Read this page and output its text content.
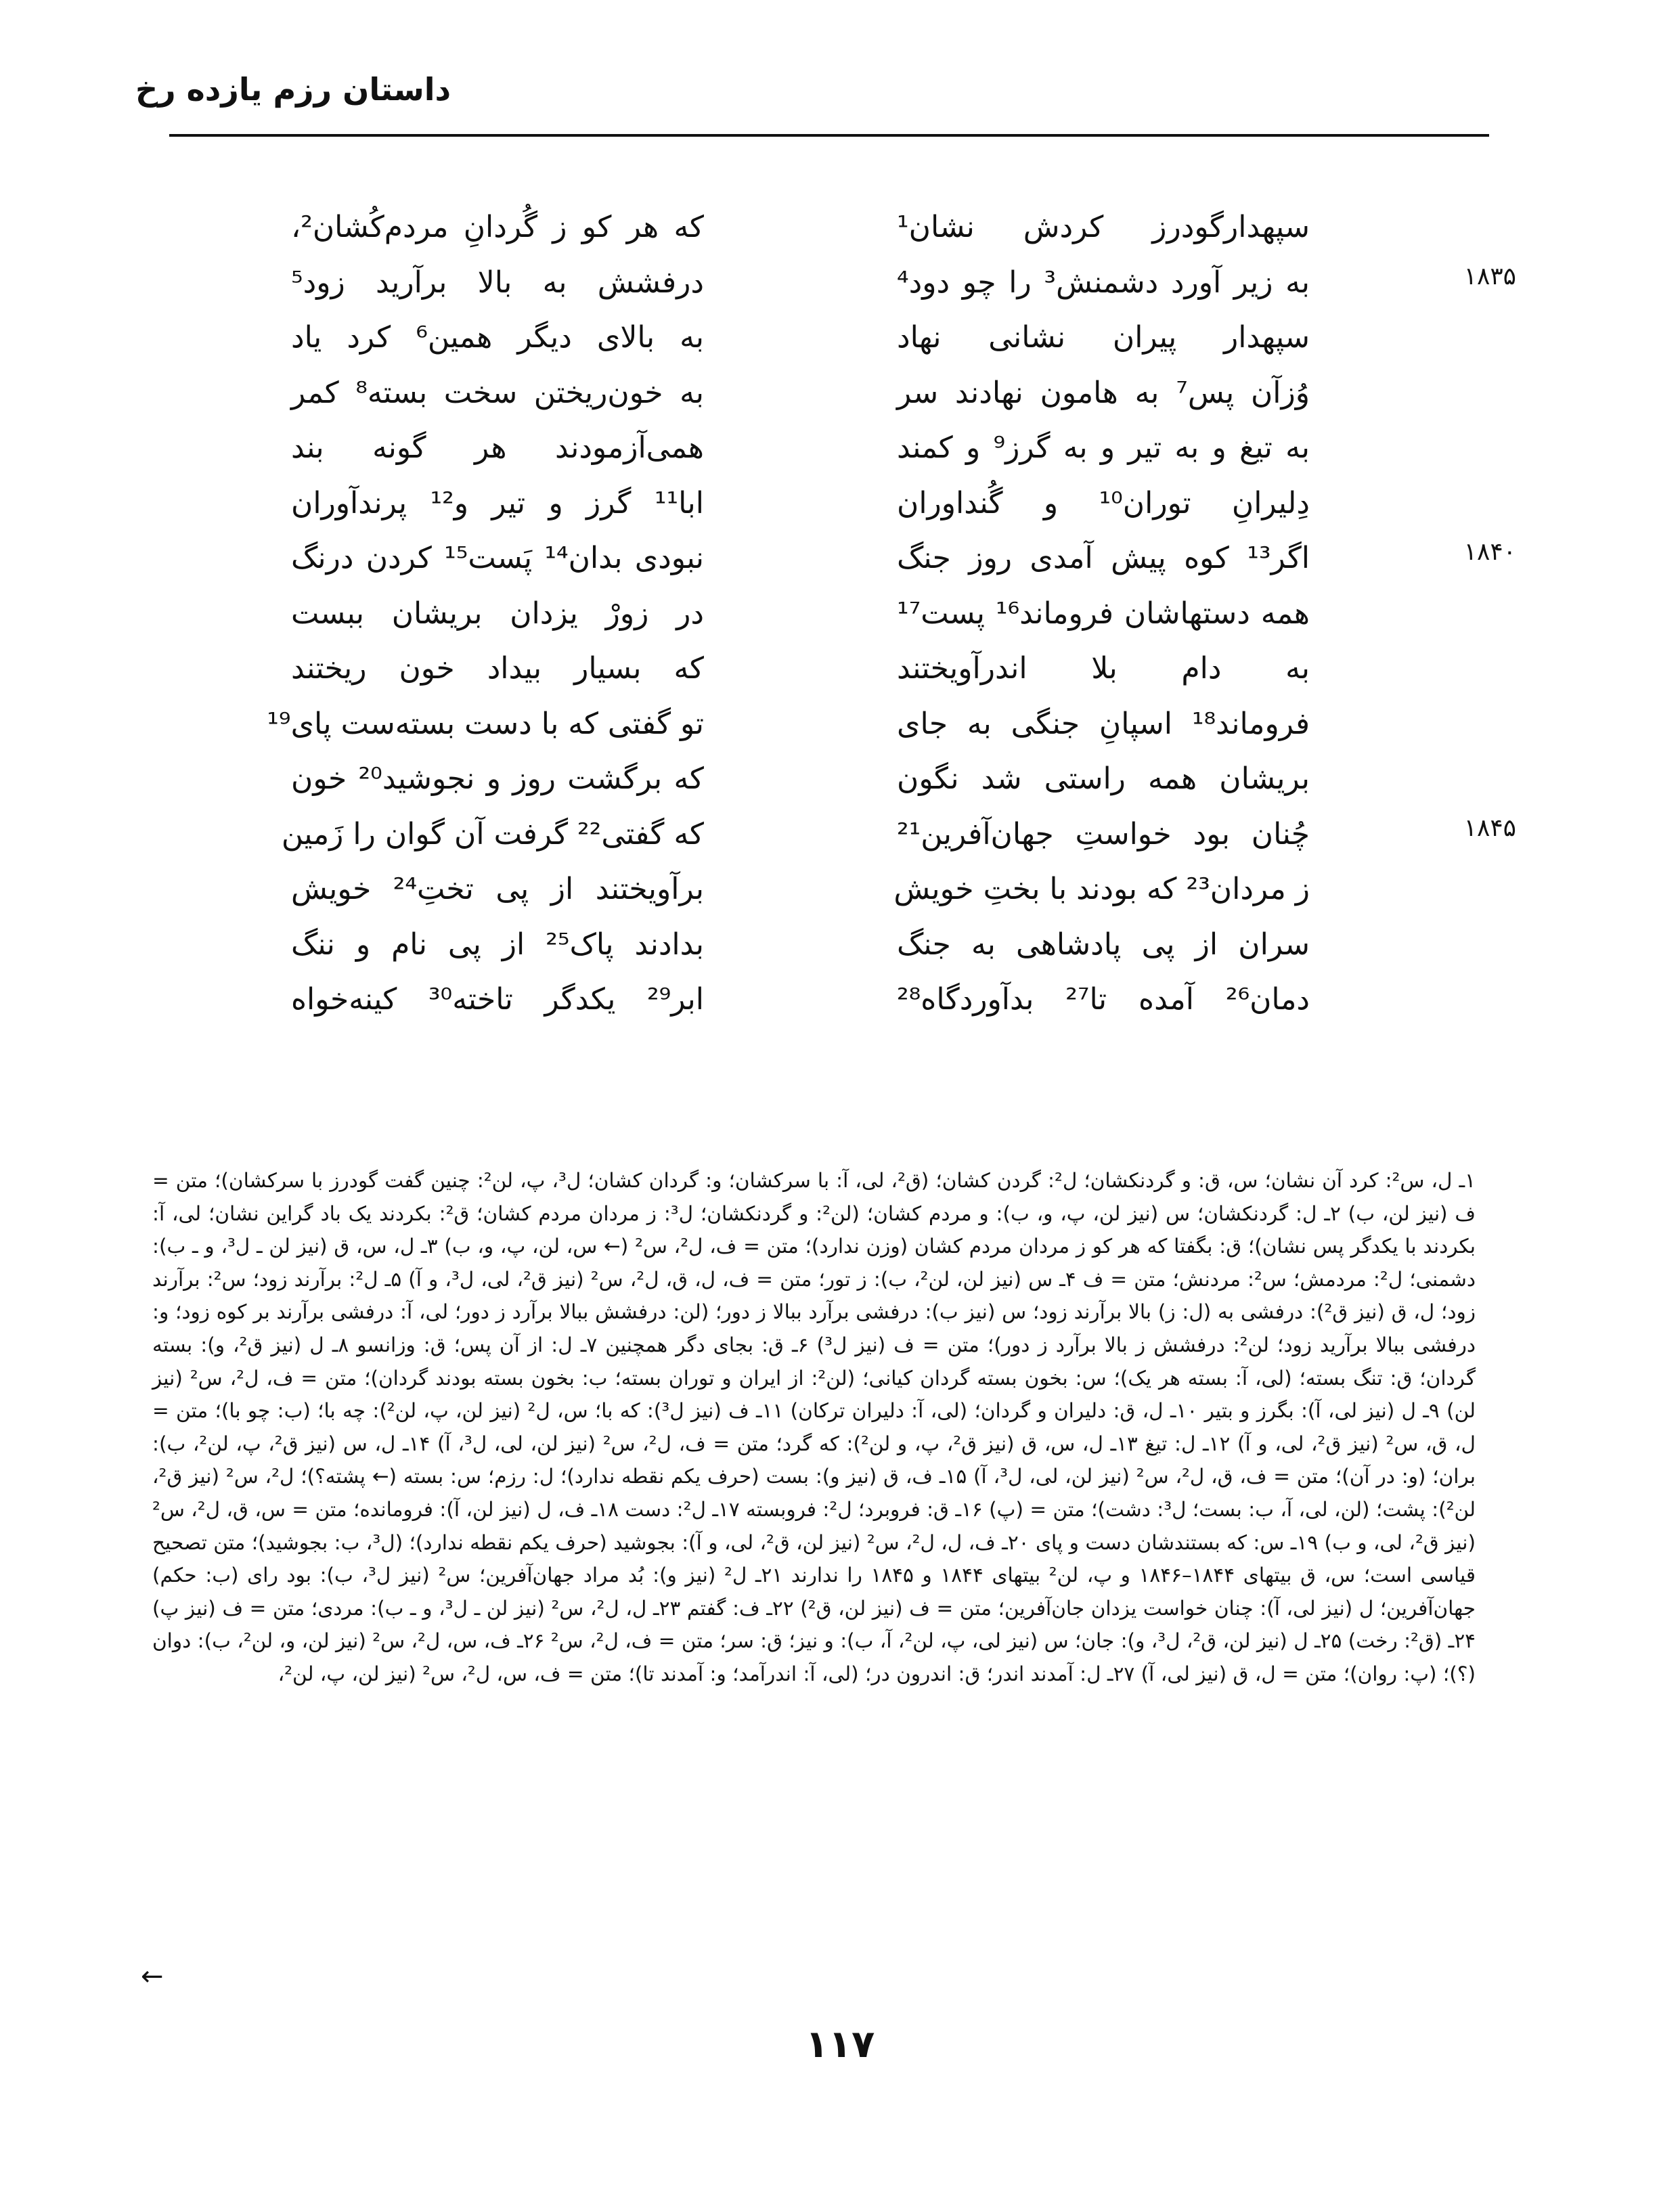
داستان رزم یازده رخ
سپهدارگودرز کردش نشان¹
که هر کو ز گُردانِ مردم‌کُشان²،
۱۸۳۵
به زیر آورد دشمنش³ را چو دود⁴
درفشش به بالا برآرید زود⁵
سپهدار پیران نشانی نهاد
به بالای دیگر همین⁶ کرد یاد
وُزآن پس⁷ به هامون نهادند سر
به خون‌ریختن سخت بسته⁸ کمر
به تیغ و به تیر و به گرز⁹ و کمند
همی‌آزمودند هر گونه بند
دِلیرانِ توران¹⁰ و گُنداوران
ابا¹¹ گرز و تیر و¹² پرندآوران
۱۸۴۰
اگر¹³ کوه پیش آمدی روز جنگ
نبودی بدان¹⁴ پَست¹⁵ کردن درنگ
همه دستهاشان فروماند¹⁶ پست¹⁷
در زورْ یزدان بریشان ببست
به دام بلا اندرآویختند
که بسیار بیداد خون ریختند
فروماند¹⁸ اسپانِ جنگی به جای
تو گفتی که با دست بسته‌ست پای¹⁹
بریشان همه راستی شد نگون
که برگشت روز و نجوشید²⁰ خون
۱۸۴۵
چُنان بود خواستِ جهان‌آفرین²¹
که گفتی²² گرفت آن گوان را زَمین
ز مردان²³ که بودند با بختِ خویش
برآویختند از پی تختِ²⁴ خویش
سران از پی پادشاهی به جنگ
بدادند پاک²⁵ از پی نام و ننگ
دمان²⁶ آمده تا²⁷ بدآوردگاه²⁸
ابر²⁹ یکدگر تاخته³⁰ کینه‌خواه
۱ـ ل، س²: کرد آن نشان؛ س، ق: و گردنکشان؛ ل²: گردن کشان؛ (ق²، لی، آ: با سرکشان؛ و: گردان کشان؛ ل³، پ، لن²: چنین گفت گودرز با سرکشان)؛ متن = ف (نیز لن، ب) ۲ـ ل: گردنکشان؛ س (نیز لن، پ، و، ب): و مردم کشان؛ (لن²: و گردنکشان؛ ل³: ز مردان مردم کشان؛ ق²: بکردند یک باد گراین نشان؛ لی، آ: بکردند با یکدگر پس نشان)؛ ق: بگفتا که هر کو ز مردان مردم کشان (وزن ندارد)؛ متن = ف، ل²، س² (← س، لن، پ، و، ب) ۳ـ ل، س، ق (نیز لن ـ ل³، و ـ ب): دشمنی؛ ل²: مردمش؛ س²: مردنش؛ متن = ف ۴ـ س (نیز لن، لن²، ب): ز تور؛ متن = ف، ل، ق، ل²، س² (نیز ق²، لی، ل³، و آ) ۵ـ ل²: برآرند زود؛ س²: برآرند زود؛ ل، ق (نیز ق²): درفشی به (ل: ز) بالا برآرند زود؛ س (نیز ب): درفشی برآرد ببالا ز دور؛ (لن: درفشش ببالا برآرد ز دور؛ لی، آ: درفشی برآرند بر کوه زود؛ و: درفشی ببالا برآرید زود؛ لن²: درفشش ز بالا برآرد ز دور)؛ متن = ف (نیز ل³) ۶ـ ق: بجای دگر همچنین ۷ـ ل: از آن پس؛ ق: وزانسو ۸ـ ل (نیز ق²، و): بسته گردان؛ ق: تنگ بسته؛ (لی، آ: بسته هر یک)؛ س: بخون بسته گردان کیانی؛ (لن²: از ایران و توران بسته؛ ب: بخون بسته بودند گردان)؛ متن = ف، ل²، س² (نیز لن) ۹ـ ل (نیز لی، آ): بگرز و بتیر ۱۰ـ ل، ق: دلیران و گردان؛ (لی، آ: دلیران ترکان) ۱۱ـ ف (نیز ل³): که با؛ س، ل² (نیز لن، پ، لن²): چه با؛ (ب: چو با)؛ متن = ل، ق، س² (نیز ق²، لی، و آ) ۱۲ـ ل: تیغ ۱۳ـ ل، س، ق (نیز ق²، پ، و لن²): که گرد؛ متن = ف، ل²، س² (نیز لن، لی، ل³، آ) ۱۴ـ ل، س (نیز ق²، پ، لن²، ب): بران؛ (و: در آن)؛ متن = ف، ق، ل²، س² (نیز لن، لی، ل³، آ) ۱۵ـ ف، ق (نیز و): بست (حرف یکم نقطه ندارد)؛ ل: رزم؛ س: بسته (← پشته؟)؛ ل²، س² (نیز ق²، لن²): پشت؛ (لن، لی، آ، ب: بست؛ ل³: دشت)؛ متن = (پ) ۱۶ـ ق: فروبرد؛ ل²: فروبسته ۱۷ـ ل²: دست ۱۸ـ ف، ل (نیز لن، آ): فرومانده؛ متن = س، ق، ل²، س² (نیز ق²، لی، و ب) ۱۹ـ س: که بستندشان دست و پای ۲۰ـ ف، ل، ل²، س² (نیز لن، ق²، لی، و آ): بجوشید (حرف یکم نقطه ندارد)؛ (ل³، ب: بجوشید)؛ متن تصحیح قیاسی است؛ س، ق بیتهای ۱۸۴۴–۱۸۴۶ و پ، لن² بیتهای ۱۸۴۴ و ۱۸۴۵ را ندارند ۲۱ـ ل² (نیز و): بُد مراد جهان‌آفرین؛ س² (نیز ل³، ب): بود رای (ب: حکم) جهان‌آفرین؛ ل (نیز لی، آ): چنان خواست یزدان جان‌آفرین؛ متن = ف (نیز لن، ق²) ۲۲ـ ف: گفتم ۲۳ـ ل، ل²، س² (نیز لن ـ ل³، و ـ ب): مردی؛ متن = ف (نیز پ) ۲۴ـ (ق²: رخت) ۲۵ـ ل (نیز لن، ق²، ل³، و): جان؛ س (نیز لی، پ، لن²، آ، ب): و نیز؛ ق: سر؛ متن = ف، ل²، س² ۲۶ـ ف، س، ل²، س² (نیز لن، و، لن²، ب): دوان (؟)؛ (پ: روان)؛ متن = ل، ق (نیز لی، آ) ۲۷ـ ل: آمدند اندر؛ ق: اندرون در؛ (لی، آ: اندرآمد؛ و: آمدند تا)؛ متن = ف، س، ل²، س² (نیز لن، پ، لن²،
←
۱۱۷
